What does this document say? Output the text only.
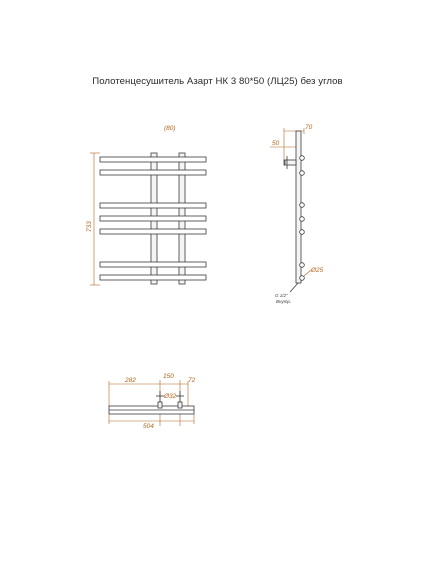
Полотенцесушитель Азарт НК 3 80*50 (ЛЦ25) без углов
(80)
733
70
50
Ø25
G 1/2"
Внутр.
282
150
72
Ø32
504
